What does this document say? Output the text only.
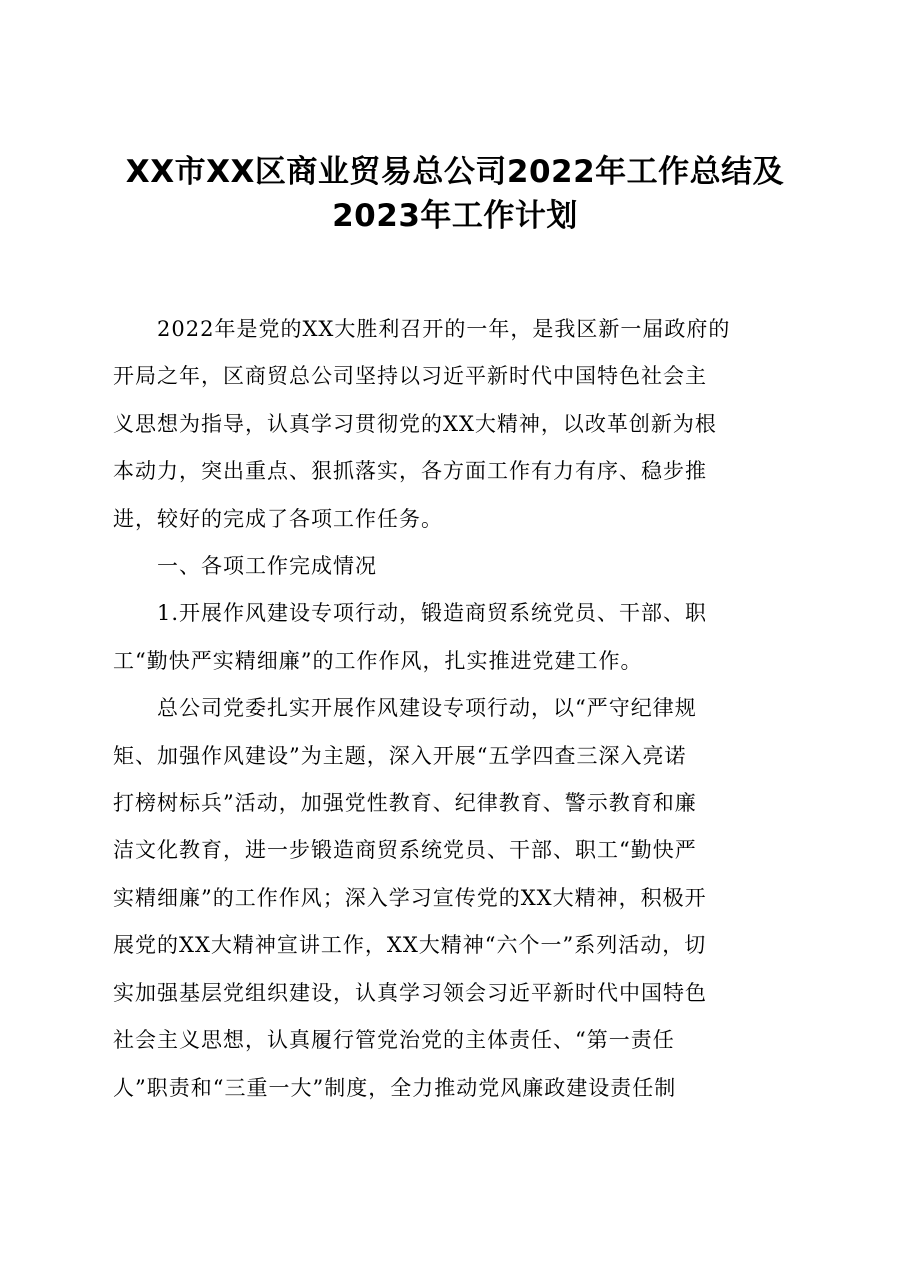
XX市XX区商业贸易总公司2022年工作总结及
2023年工作计划
　　2022年是党的XX大胜利召开的一年，是我区新一届政府的
开局之年，区商贸总公司坚持以习近平新时代中国特色社会主
义思想为指导，认真学习贯彻党的XX大精神，以改革创新为根
本动力，突出重点、狠抓落实，各方面工作有力有序、稳步推
进，较好的完成了各项工作任务。
　　一、各项工作完成情况
　　1.开展作风建设专项行动，锻造商贸系统党员、干部、职
工“勤快严实精细廉”的工作作风，扎实推进党建工作。
　　总公司党委扎实开展作风建设专项行动，以“严守纪律规
矩、加强作风建设”为主题，深入开展“五学四查三深入亮诺
打榜树标兵”活动，加强党性教育、纪律教育、警示教育和廉
洁文化教育，进一步锻造商贸系统党员、干部、职工“勤快严
实精细廉”的工作作风；深入学习宣传党的XX大精神，积极开
展党的XX大精神宣讲工作，XX大精神“六个一”系列活动，切
实加强基层党组织建设，认真学习领会习近平新时代中国特色
社会主义思想，认真履行管党治党的主体责任、“第一责任
人”职责和“三重一大”制度，全力推动党风廉政建设责任制
